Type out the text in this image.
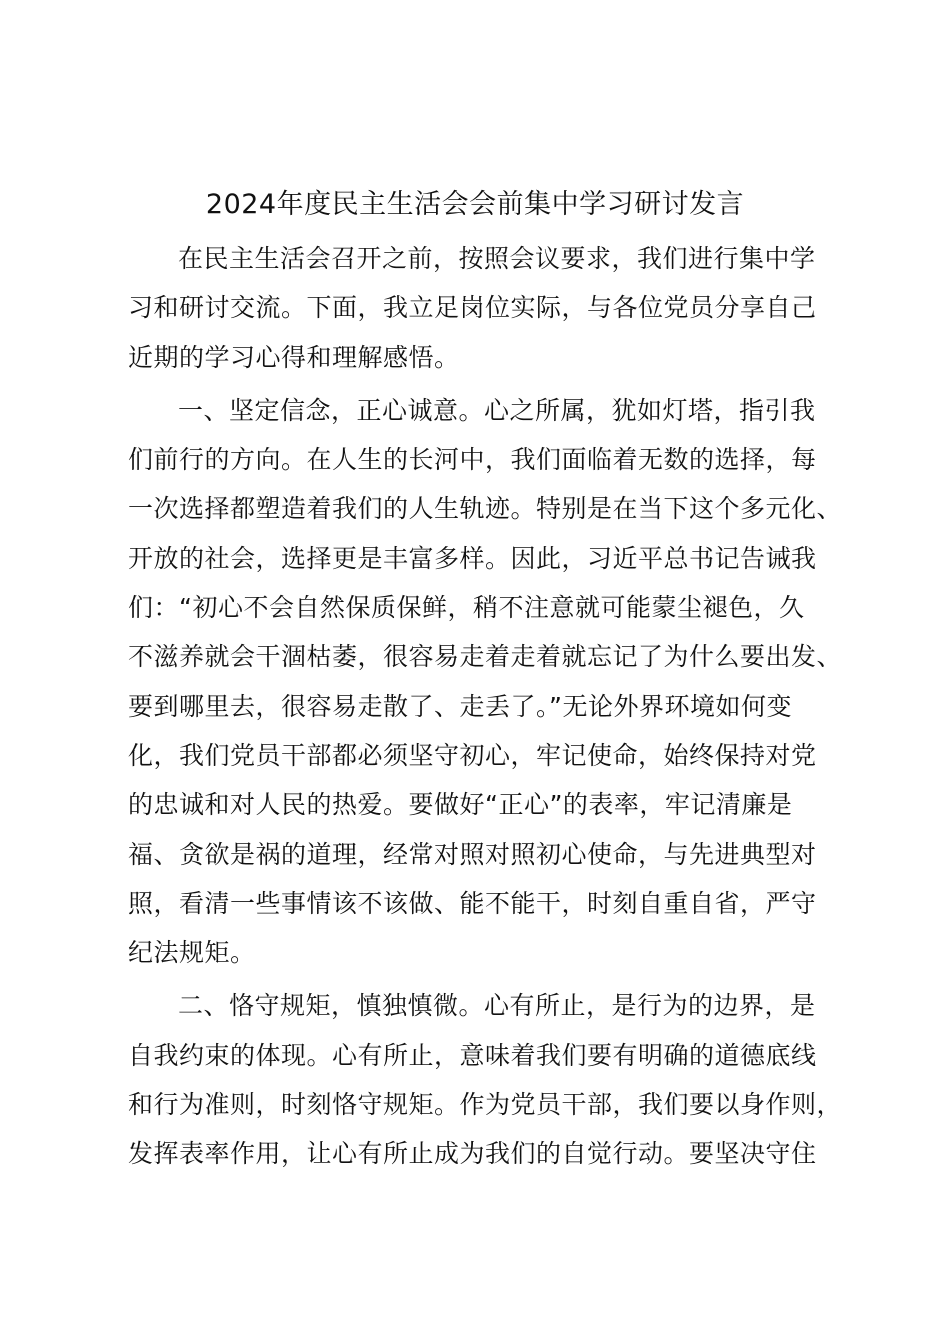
2024年度民主生活会会前集中学习研讨发言
在民主生活会召开之前，按照会议要求，我们进行集中学
习和研讨交流。下面，我立足岗位实际，与各位党员分享自己
近期的学习心得和理解感悟。
一、坚定信念，正心诚意。心之所属，犹如灯塔，指引我
们前行的方向。在人生的长河中，我们面临着无数的选择，每
一次选择都塑造着我们的人生轨迹。特别是在当下这个多元化、
开放的社会，选择更是丰富多样。因此，习近平总书记告诫我
们：“初心不会自然保质保鲜，稍不注意就可能蒙尘褪色，久
不滋养就会干涸枯萎，很容易走着走着就忘记了为什么要出发、
要到哪里去，很容易走散了、走丢了。”无论外界环境如何变
化，我们党员干部都必须坚守初心，牢记使命，始终保持对党
的忠诚和对人民的热爱。要做好“正心”的表率，牢记清廉是
福、贪欲是祸的道理，经常对照对照初心使命，与先进典型对
照，看清一些事情该不该做、能不能干，时刻自重自省，严守
纪法规矩。
二、恪守规矩，慎独慎微。心有所止，是行为的边界，是
自我约束的体现。心有所止，意味着我们要有明确的道德底线
和行为准则，时刻恪守规矩。作为党员干部，我们要以身作则，
发挥表率作用，让心有所止成为我们的自觉行动。要坚决守住
